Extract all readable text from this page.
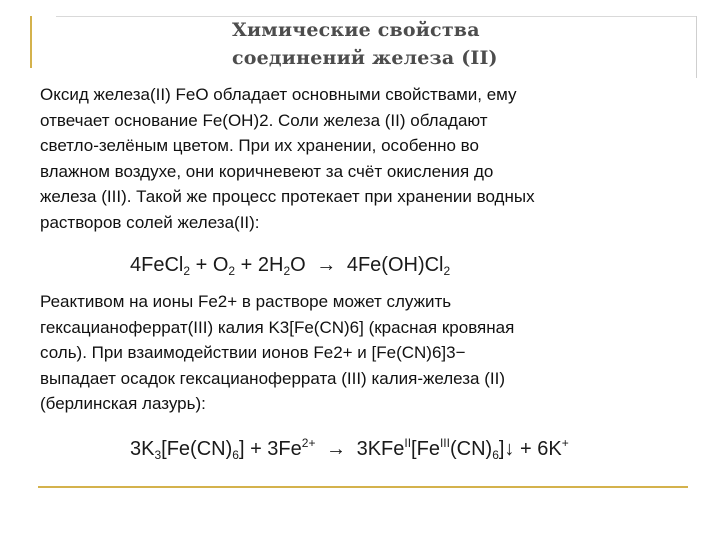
Химические свойства
соединений железа (II)
Оксид железа(II) FeO обладает основными свойствами, ему
отвечает основание Fe(OH)2. Соли железа (II) обладают
светло-зелёным цветом. При их хранении, особенно во
влажном воздухе, они коричневеют за счёт окисления до
железа (III). Такой же процесс протекает при хранении водных
растворов солей железа(II):
4FeCl$_2$ + $O_2 + 2H_2O \to 4Fe(OH)Cl_2$
Реактивом на ионы Fe2+ в растворе может служить
гексацианоферрат(III) калия K3[Fe(CN)6] (красная кровяная
соль). При взаимодействии ионов Fe2+ и [Fe(CN)6]3−
выпадает осадок гексацианоферрата (III) калия-железа (II)
(берлинская лазурь):
$3K_3[Fe(CN)_6] + 3Fe^{2+}$ → $3KFe^{II}[Fe^{III}(CN)_6]↓ + 6K^+$
